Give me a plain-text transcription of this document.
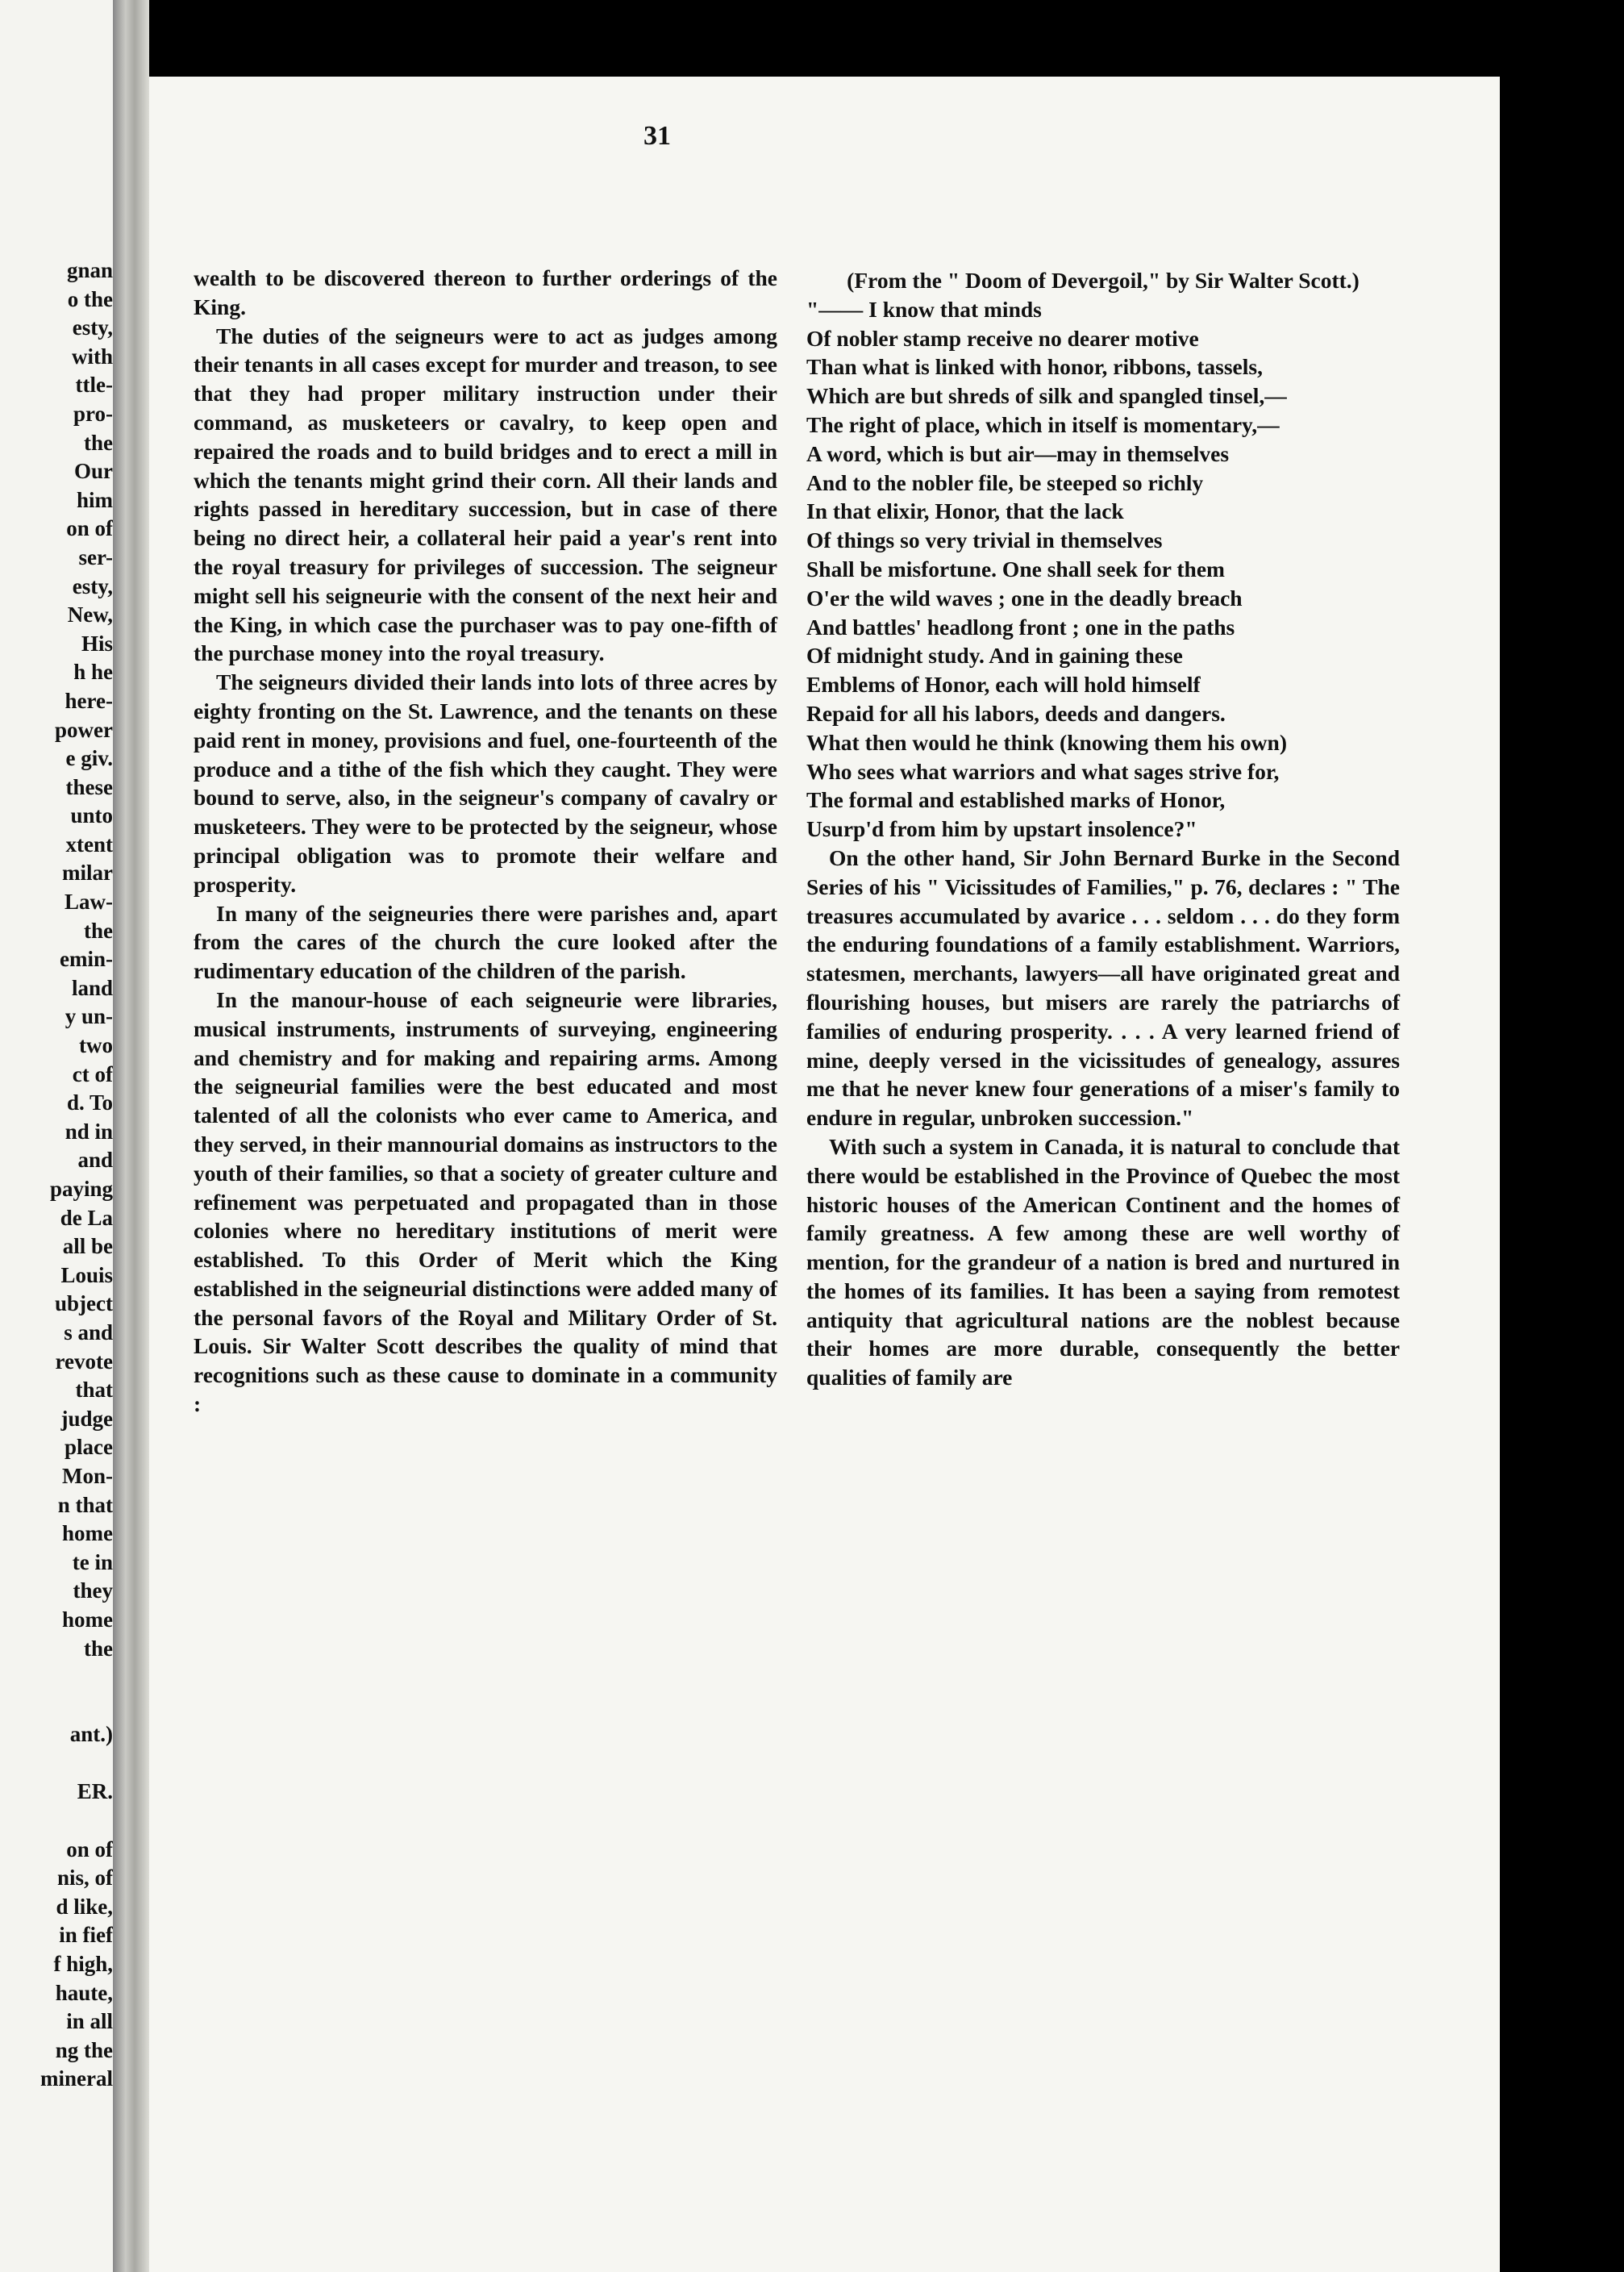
gnan
o the
esty,
with
ttle-
pro-
the
Our
him
on of
ser-
esty,
New,
His
h he
here-
power
e giv.
these
unto
xtent
milar
Law-
the
emin-
land
y un-
two
ct of
d. To
nd in
and
paying
de La
all be
Louis
ubject
s and
revote
that
judge
place
Mon-
n that
home
te in
they
home
the
ant.)
ER.
on of
nis, of
d like,
in fief
f high,
haute,
in all
ng the
mineral
31

wealth to be discovered thereon to further orderings of the King.

The duties of the seigneurs were to act as judges among their tenants in all cases except for murder and treason, to see that they had proper military instruction under their command, as musketeers or cavalry, to keep open and repaired the roads and to build bridges and to erect a mill in which the tenants might grind their corn. All their lands and rights passed in hereditary succession, but in case of there being no direct heir, a collateral heir paid a year's rent into the royal treasury for privileges of succession. The seigneur might sell his seigneurie with the consent of the next heir and the King, in which case the purchaser was to pay one-fifth of the purchase money into the royal treasury.

The seigneurs divided their lands into lots of three acres by eighty fronting on the St. Lawrence, and the tenants on these paid rent in money, provisions and fuel, one-fourteenth of the produce and a tithe of the fish which they caught. They were bound to serve, also, in the seigneur's company of cavalry or musketeers. They were to be protected by the seigneur, whose principal obligation was to promote their welfare and prosperity.

In many of the seigneuries there were parishes and, apart from the cares of the church the cure looked after the rudimentary education of the children of the parish.

In the manour-house of each seigneurie were libraries, musical instruments, instruments of surveying, engineering and chemistry and for making and repairing arms. Among the seigneurial families were the best educated and most talented of all the colonists who ever came to America, and they served, in their mannourial domains as instructors to the youth of their families, so that a society of greater culture and refinement was perpetuated and propagated than in those colonies where no hereditary institutions of merit were established. To this Order of Merit which the King established in the seigneurial distinctions were added many of the personal favors of the Royal and Military Order of St. Louis. Sir Walter Scott describes the quality of mind that recognitions such as these cause to dominate in a community :

(From the " Doom of Devergoil," by Sir Walter Scott.)

"—— I know that minds
Of nobler stamp receive no dearer motive
Than what is linked with honor, ribbons, tassels,
Which are but shreds of silk and spangled tinsel,—
The right of place, which in itself is momentary,—
A word, which is but air—may in themselves
And to the nobler file, be steeped so richly
In that elixir, Honor, that the lack
Of things so very trivial in themselves
Shall be misfortune. One shall seek for them
O'er the wild waves ; one in the deadly breach
And battles' headlong front ; one in the paths
Of midnight study. And in gaining these
Emblems of Honor, each will hold himself
Repaid for all his labors, deeds and dangers.
What then would he think (knowing them his own)
Who sees what warriors and what sages strive for,
The formal and established marks of Honor,
Usurp'd from him by upstart insolence?"

On the other hand, Sir John Bernard Burke in the Second Series of his " Vicissitudes of Families," p. 76, declares : " The treasures accumulated by avarice . . . seldom . . . do they form the enduring foundations of a family establishment. Warriors, statesmen, merchants, lawyers—all have originated great and flourishing houses, but misers are rarely the patriarchs of families of enduring prosperity. . . . A very learned friend of mine, deeply versed in the vicissitudes of genealogy, assures me that he never knew four generations of a miser's family to endure in regular, unbroken succession."

With such a system in Canada, it is natural to conclude that there would be established in the Province of Quebec the most historic houses of the American Continent and the homes of family greatness. A few among these are well worthy of mention, for the grandeur of a nation is bred and nurtured in the homes of its families. It has been a saying from remotest antiquity that agricultural nations are the noblest because their homes are more durable, consequently the better qualities of family are
